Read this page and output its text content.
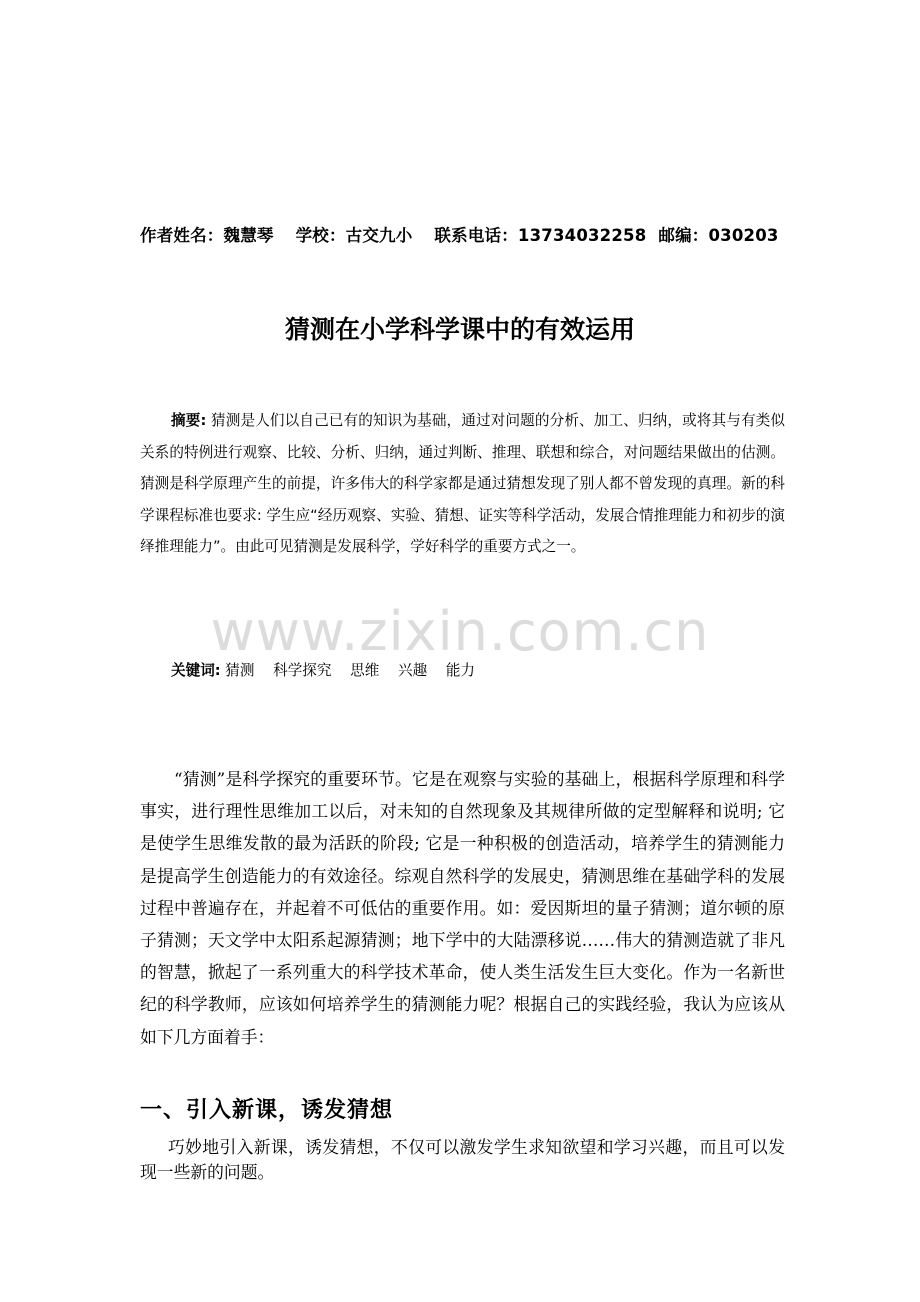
作者姓名：魏慧琴 学校：古交九小 联系电话：13734032258 邮编：030203
猜测在小学科学课中的有效运用

摘要: 猜测是人们以自己已有的知识为基础，通过对问题的分析、加工、归纳，或将其与有类似关系的特例进行观察、比较、分析、归纳，通过判断、推理、联想和综合，对问题结果做出的估测。猜测是科学原理产生的前提，许多伟大的科学家都是通过猜想发现了别人都不曾发现的真理。新的科学课程标准也要求: 学生应“经历观察、实验、猜想、证实等科学活动，发展合情推理能力和初步的演绎推理能力”。由此可见猜测是发展科学，学好科学的重要方式之一。

www.zixin.com.cn
关键词: 猜测 科学探究 思维 兴趣 能力

“猜测”是科学探究的重要环节。它是在观察与实验的基础上，根据科学原理和科学事实，进行理性思维加工以后，对未知的自然现象及其规律所做的定型解释和说明; 它是使学生思维发散的最为活跃的阶段; 它是一种积极的创造活动，培养学生的猜测能力是提高学生创造能力的有效途径。综观自然科学的发展史，猜测思维在基础学科的发展过程中普遍存在，并起着不可低估的重要作用。如：爱因斯坦的量子猜测；道尔顿的原子猜测；天文学中太阳系起源猜测；地下学中的大陆漂移说……伟大的猜测造就了非凡的智慧，掀起了一系列重大的科学技术革命，使人类生活发生巨大变化。作为一名新世纪的科学教师，应该如何培养学生的猜测能力呢？根据自己的实践经验，我认为应该从如下几方面着手：

一、引入新课，诱发猜想

巧妙地引入新课，诱发猜想，不仅可以激发学生求知欲望和学习兴趣，而且可以发现一些新的问题。
